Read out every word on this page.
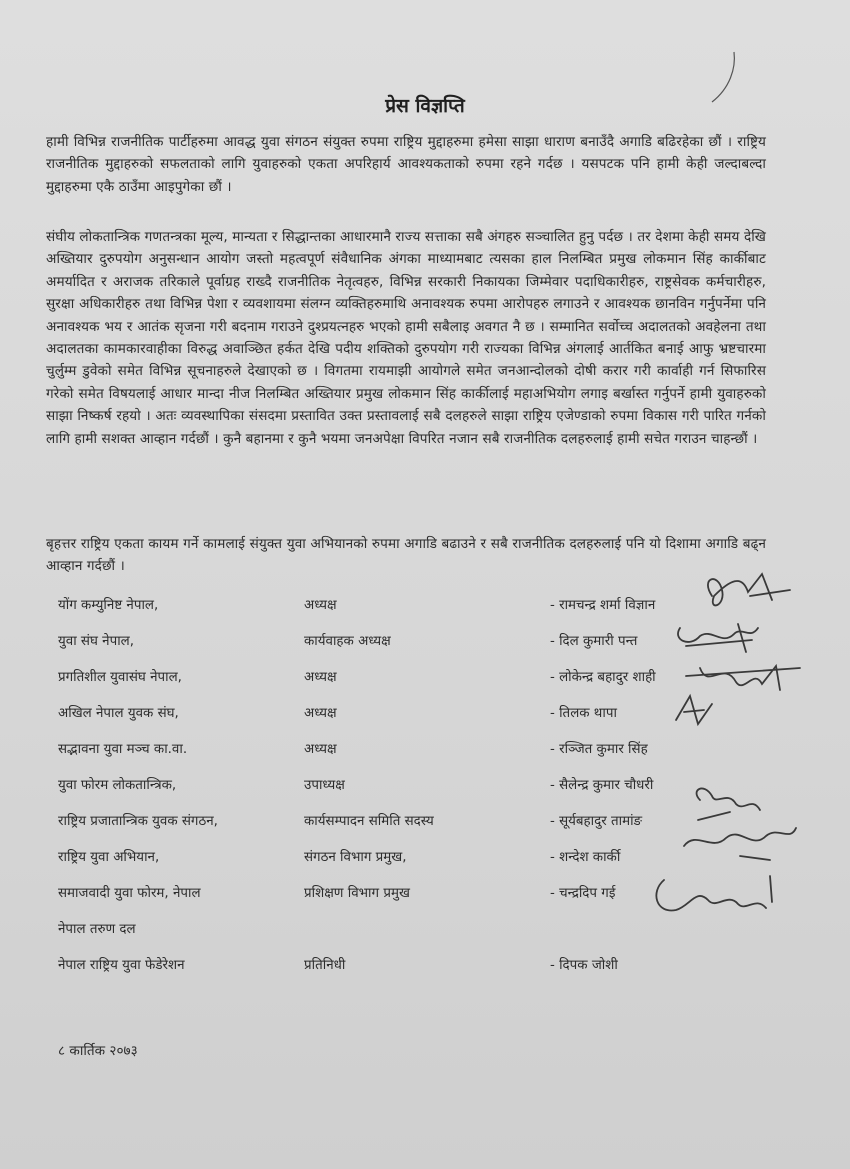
प्रेस विज्ञप्ति
हामी विभिन्न राजनीतिक पार्टीहरुमा आवद्ध युवा संगठन संयुक्त रुपमा राष्ट्रिय मुद्दाहरुमा हमेसा साझा धाराण बनाउँदै अगाडि बढिरहेका छौं । राष्ट्रिय राजनीतिक मुद्दाहरुको सफलताको लागि युवाहरुको एकता अपरिहार्य आवश्यकताको रुपमा रहने गर्दछ । यसपटक पनि हामी केही जल्दाबल्दा मुद्दाहरुमा एकै ठाउँमा आइपुगेका छौं ।
संघीय लोकतान्त्रिक गणतन्त्रका मूल्य, मान्यता र सिद्धान्तका आधारमानै राज्य सत्ताका सबै अंगहरु सञ्चालित हुनु पर्दछ । तर देशमा केही समय देखि अख्तियार दुरुपयोग अनुसन्धान आयोग जस्तो महत्वपूर्ण संवैधानिक अंगका माध्यामबाट त्यसका हाल निलम्बित प्रमुख लोकमान सिंह कार्कीबाट अमर्यादित र अराजक तरिकाले पूर्वाग्रह राख्दै राजनीतिक नेतृत्वहरु, विभिन्न सरकारी निकायका जिम्मेवार पदाधिकारीहरु, राष्ट्रसेवक कर्मचारीहरु, सुरक्षा अधिकारीहरु तथा विभिन्न पेशा र व्यवशायमा संलग्न व्यक्तिहरुमाथि अनावश्यक रुपमा आरोपहरु लगाउने र आवश्यक छानविन गर्नुपर्नेमा पनि अनावश्यक भय र आतंक सृजना गरी बदनाम गराउने दुश्प्रयत्नहरु भएको हामी सबैलाइ अवगत नै छ । सम्मानित सर्वोच्च अदालतको अवहेलना तथा अदालतका कामकारवाहीका विरुद्ध अवाञ्छित हर्कत देखि पदीय शक्तिको दुरुपयोग गरी राज्यका विभिन्न अंगलाई आर्तकित बनाई आफु भ्रष्टचारमा चुर्लुम्म डुवेको समेत विभिन्न सूचनाहरुले देखाएको छ । विगतमा रायमाझी आयोगले समेत जनआन्दोलको दोषी करार गरी कार्वाही गर्न सिफारिस गरेको समेत विषयलाई आधार मान्दा नीज निलम्बित अख्तियार प्रमुख लोकमान सिंह कार्कीलाई महाअभियोग लगाइ बर्खास्त गर्नुपर्ने हामी युवाहरुको साझा निष्कर्ष रहयो । अतः व्यवस्थापिका संसदमा प्रस्तावित उक्त प्रस्तावलाई सबै दलहरुले साझा राष्ट्रिय एजेण्डाको रुपमा विकास गरी पारित गर्नको लागि हामी सशक्त आव्हान गर्दछौं । कुनै बहानमा र कुनै भयमा जनअपेक्षा विपरित नजान सबै राजनीतिक दलहरुलाई हामी सचेत गराउन चाहन्छौं ।
बृहत्तर राष्ट्रिय एकता कायम गर्ने कामलाई संयुक्त युवा अभियानको रुपमा अगाडि बढाउने र सबै राजनीतिक दलहरुलाई पनि यो दिशामा अगाडि बढ्न आव्हान गर्दछौं ।
योंग कम्युनिष्ट नेपाल,	अध्यक्ष	- रामचन्द्र शर्मा विज्ञान
युवा संघ नेपाल,	कार्यवाहक अध्यक्ष	- दिल कुमारी पन्त
प्रगतिशील युवासंघ नेपाल,	अध्यक्ष	- लोकेन्द्र बहादुर शाही
अखिल नेपाल युवक संघ,	अध्यक्ष	- तिलक थापा
सद्भावना युवा मञ्च का.वा.	अध्यक्ष	- रञ्जित कुमार सिंह
युवा फोरम लोकतान्त्रिक,	उपाध्यक्ष	- सैलेन्द्र कुमार चौधरी
राष्ट्रिय प्रजातान्त्रिक युवक संगठन,	कार्यसम्पादन समिति सदस्य	- सूर्यबहादुर तामांङ
राष्ट्रिय युवा अभियान,	संगठन विभाग प्रमुख,	- शन्देश कार्की
समाजवादी युवा फोरम, नेपाल	प्रशिक्षण विभाग प्रमुख	- चन्द्रदिप गई
नेपाल तरुण दल
नेपाल राष्ट्रिय युवा फेडेरेशन	प्रतिनिधी	- दिपक जोशी
८ कार्तिक २०७३
